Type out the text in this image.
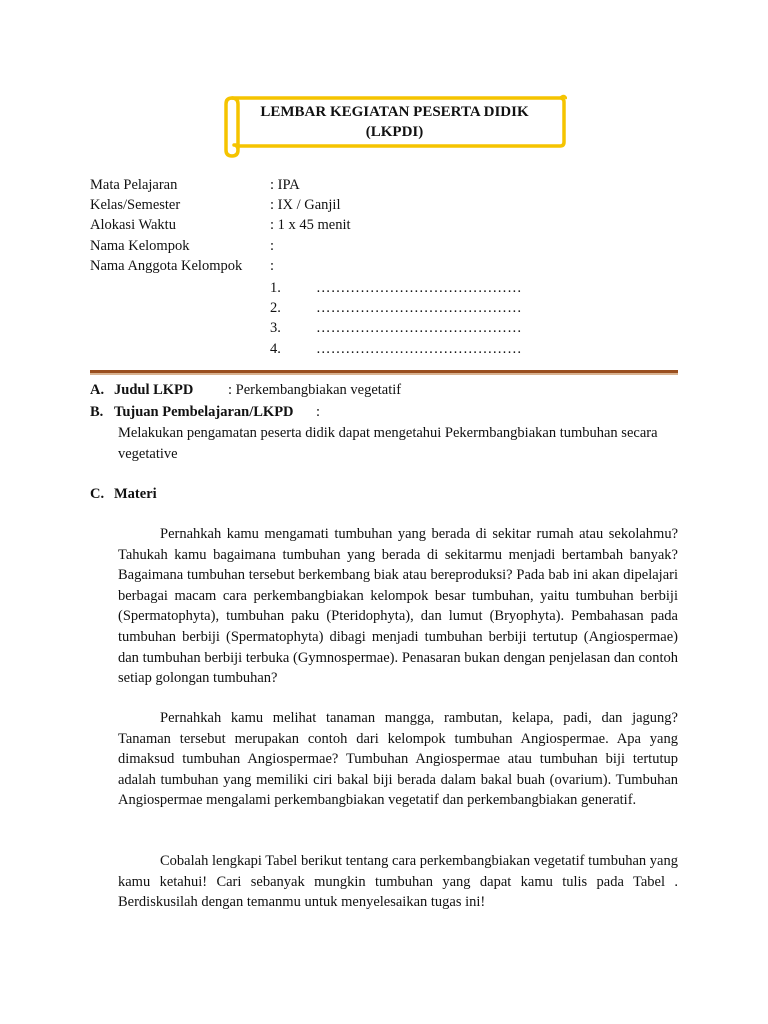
LEMBAR KEGIATAN PESERTA DIDIK
(LKPDI)
Mata Pelajaran	: IPA
Kelas/Semester	: IX / Ganjil
Alokasi Waktu	: 1 x 45 menit
Nama Kelompok	:
Nama Anggota Kelompok :
1. ……………………………………
2. ……………………………………
3. ……………………………………
4. ……………………………………
A. Judul LKPD : Perkembangbiakan vegetatif
B. Tujuan Pembelajaran/LKPD :
Melakukan pengamatan peserta didik dapat mengetahui Pekermbangbiakan tumbuhan secara vegetative
C. Materi
Pernahkah kamu mengamati tumbuhan yang berada di sekitar rumah atau sekolahmu? Tahukah kamu bagaimana tumbuhan yang berada di sekitarmu menjadi bertambah banyak? Bagaimana tumbuhan tersebut berkembang biak atau bereproduksi? Pada bab ini akan dipelajari berbagai macam cara perkembangbiakan kelompok besar tumbuhan, yaitu tumbuhan berbiji (Spermatophyta), tumbuhan paku (Pteridophyta), dan lumut (Bryophyta). Pembahasan pada tumbuhan berbiji (Spermatophyta) dibagi menjadi tumbuhan berbiji tertutup (Angiospermae) dan tumbuhan berbiji terbuka (Gymnospermae). Penasaran bukan dengan penjelasan dan contoh setiap golongan tumbuhan?
Pernahkah kamu melihat tanaman mangga, rambutan, kelapa, padi, dan jagung? Tanaman tersebut merupakan contoh dari kelompok tumbuhan Angiospermae. Apa yang dimaksud tumbuhan Angiospermae? Tumbuhan Angiospermae atau tumbuhan biji tertutup adalah tumbuhan yang memiliki ciri bakal biji berada dalam bakal buah (ovarium). Tumbuhan Angiospermae mengalami perkembangbiakan vegetatif dan perkembangbiakan generatif.
Cobalah lengkapi Tabel berikut tentang cara perkembangbiakan vegetatif tumbuhan yang kamu ketahui! Cari sebanyak mungkin tumbuhan yang dapat kamu tulis pada Tabel . Berdiskusilah dengan temanmu untuk menyelesaikan tugas ini!
